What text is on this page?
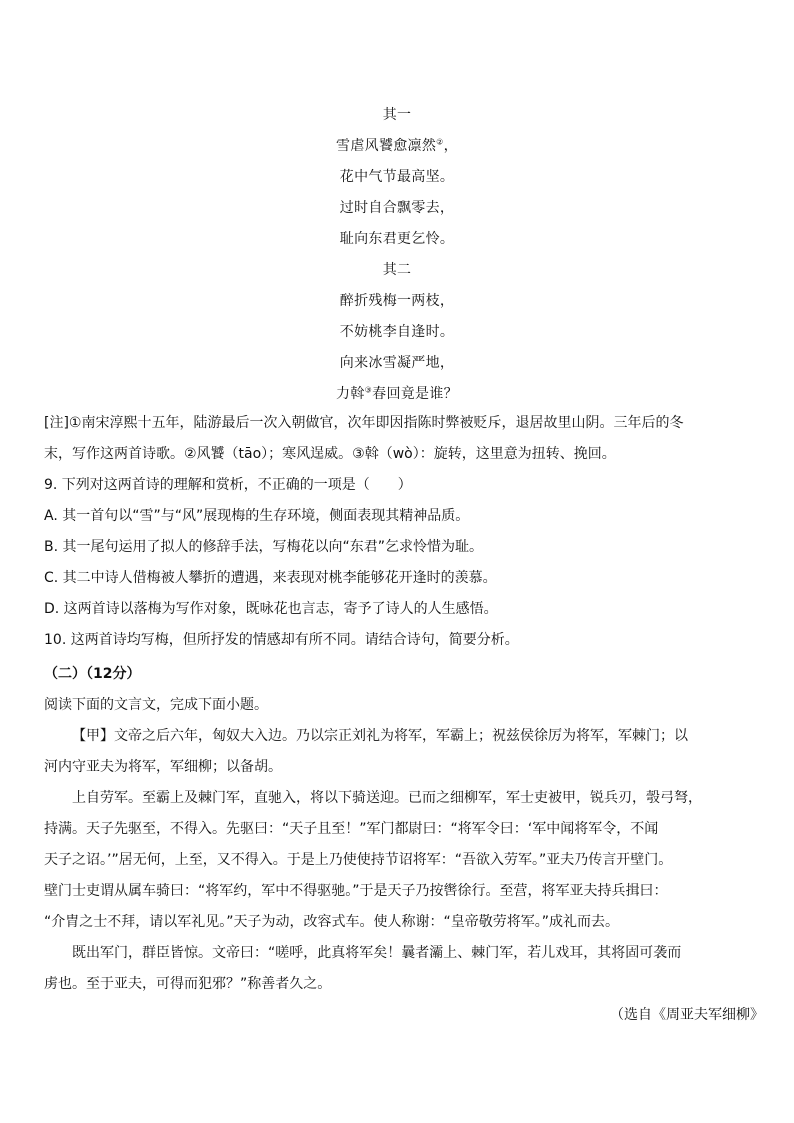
其一
雪虐风饕愈凛然②，
花中气节最高坚。
过时自合飘零去，
耻向东君更乞怜。
其二
醉折残梅一两枝，
不妨桃李自逢时。
向来冰雪凝严地，
力斡③春回竟是谁？
[注]①南宋淳熙十五年，陆游最后一次入朝做官，次年即因指陈时弊被贬斥，退居故里山阴。三年后的冬
末，写作这两首诗歌。②风饕（tāo）；寒风逞威。③斡（wò）：旋转，这里意为扭转、挽回。
9. 下列对这两首诗的理解和赏析，不正确的一项是（　　）
A. 其一首句以“雪”与“风”展现梅的生存环境，侧面表现其精神品质。
B. 其一尾句运用了拟人的修辞手法，写梅花以向“东君”乞求怜惜为耻。
C. 其二中诗人借梅被人攀折的遭遇，来表现对桃李能够花开逢时的羡慕。
D. 这两首诗以落梅为写作对象，既咏花也言志，寄予了诗人的人生感悟。
10. 这两首诗均写梅，但所抒发的情感却有所不同。请结合诗句，简要分析。
（二）（12分）
阅读下面的文言文，完成下面小题。
【甲】文帝之后六年，匈奴大入边。乃以宗正刘礼为将军，军霸上；祝兹侯徐厉为将军，军棘门；以
河内守亚夫为将军，军细柳；以备胡。
上自劳军。至霸上及棘门军，直驰入，将以下骑送迎。已而之细柳军，军士吏被甲，锐兵刃，彀弓弩，
持满。天子先驱至，不得入。先驱曰：“天子且至！”军门都尉曰：“将军令曰：‘军中闻将军令，不闻
天子之诏。’”居无何，上至，又不得入。于是上乃使使持节诏将军：“吾欲入劳军。”亚夫乃传言开壁门。
壁门士吏谓从属车骑曰：“将军约，军中不得驱驰。”于是天子乃按辔徐行。至营，将军亚夫持兵揖曰：
“介胄之士不拜，请以军礼见。”天子为动，改容式车。使人称谢：“皇帝敬劳将军。”成礼而去。
既出军门，群臣皆惊。文帝曰：“嗟呼，此真将军矣！曩者灞上、棘门军，若儿戏耳，其将固可袭而
虏也。至于亚夫，可得而犯邪？”称善者久之。
（选自《周亚夫军细柳》
